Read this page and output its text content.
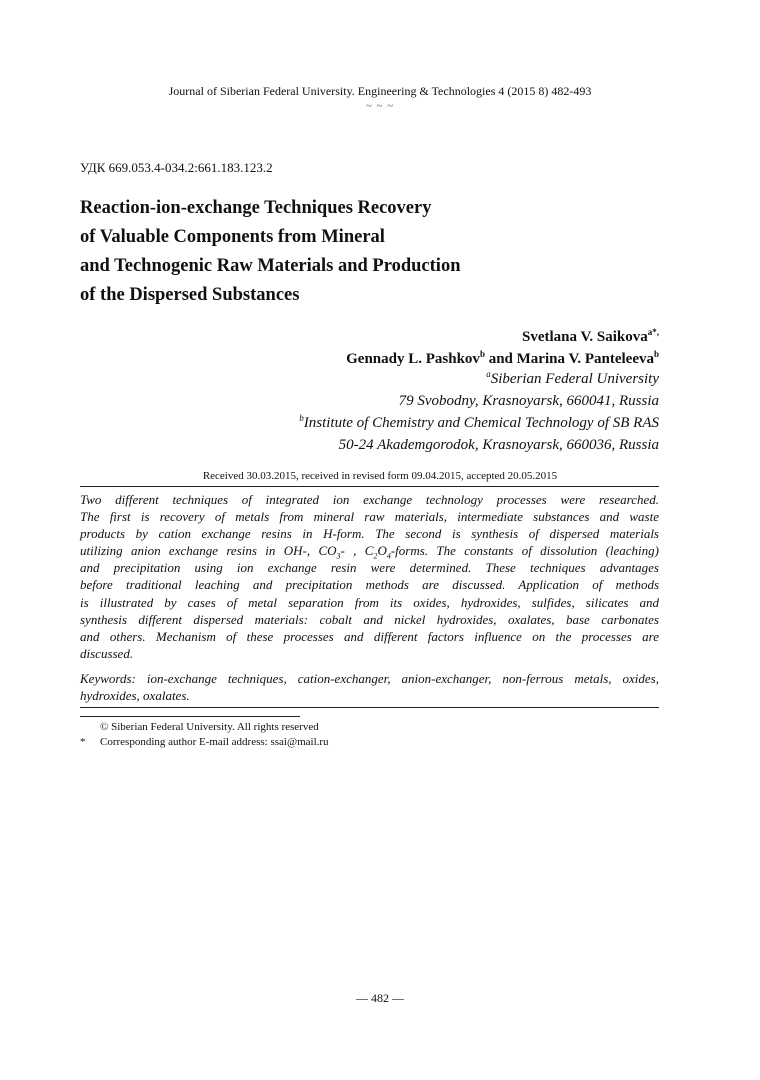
Journal of Siberian Federal University. Engineering & Technologies 4 (2015 8) 482-493
~ ~ ~
УДК 669.053.4-034.2:661.183.123.2
Reaction-ion-exchange Techniques Recovery
of Valuable Components from Mineral
and Technogenic Raw Materials and Production
of the Dispersed Substances
Svetlana V. Saikova$^{a*,}$
Gennady L. Pashkov$^b$ and Marina V. Panteleeva$^b$
$^a$Siberian Federal University
79 Svobodny, Krasnoyarsk, 660041, Russia
$^b$Institute of Chemistry and Chemical Technology of SB RAS
50-24 Akademgorodok, Krasnoyarsk, 660036, Russia
Received 30.03.2015, received in revised form 09.04.2015, accepted 20.05.2015
Two different techniques of integrated ion exchange technology processes were researched.
The first is recovery of metals from mineral raw materials, intermediate substances and waste
products by cation exchange resins in H-form. The second is synthesis of dispersed materials
utilizing anion exchange resins in OH-, $CO_3-$ , $C_2O_4$-forms. The constants of dissolution (leaching)
and precipitation using ion exchange resin were determined. These techniques advantages
before traditional leaching and precipitation methods are discussed. Application of methods
is illustrated by cases of metal separation from its oxides, hydroxides, sulfides, silicates and
synthesis different dispersed materials: cobalt and nickel hydroxides, oxalates, base carbonates
and others. Mechanism of these processes and different factors influence on the processes are
discussed.
Keywords: ion-exchange techniques, cation-exchanger, anion-exchanger, non-ferrous metals, oxides,
hydroxides, oxalates.
© Siberian Federal University. All rights reserved
* Corresponding author E-mail address: ssai@mail.ru
— 482 —
